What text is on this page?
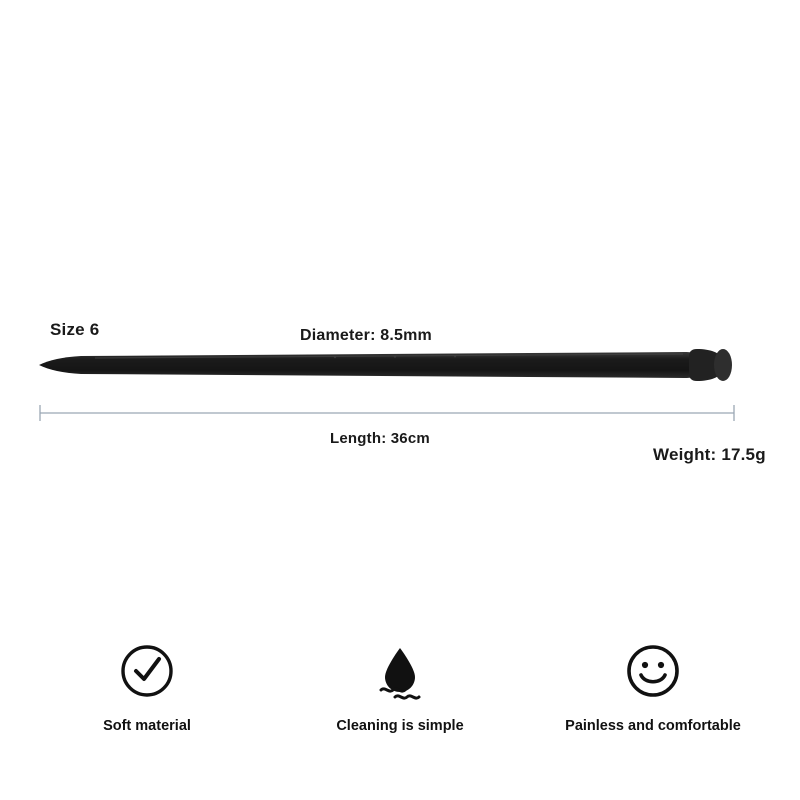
Size 6	Diameter: 8.5mm
Length: 36cm
Weight: 17.5g
Soft material	Cleaning is simple	Painless and comfortable
